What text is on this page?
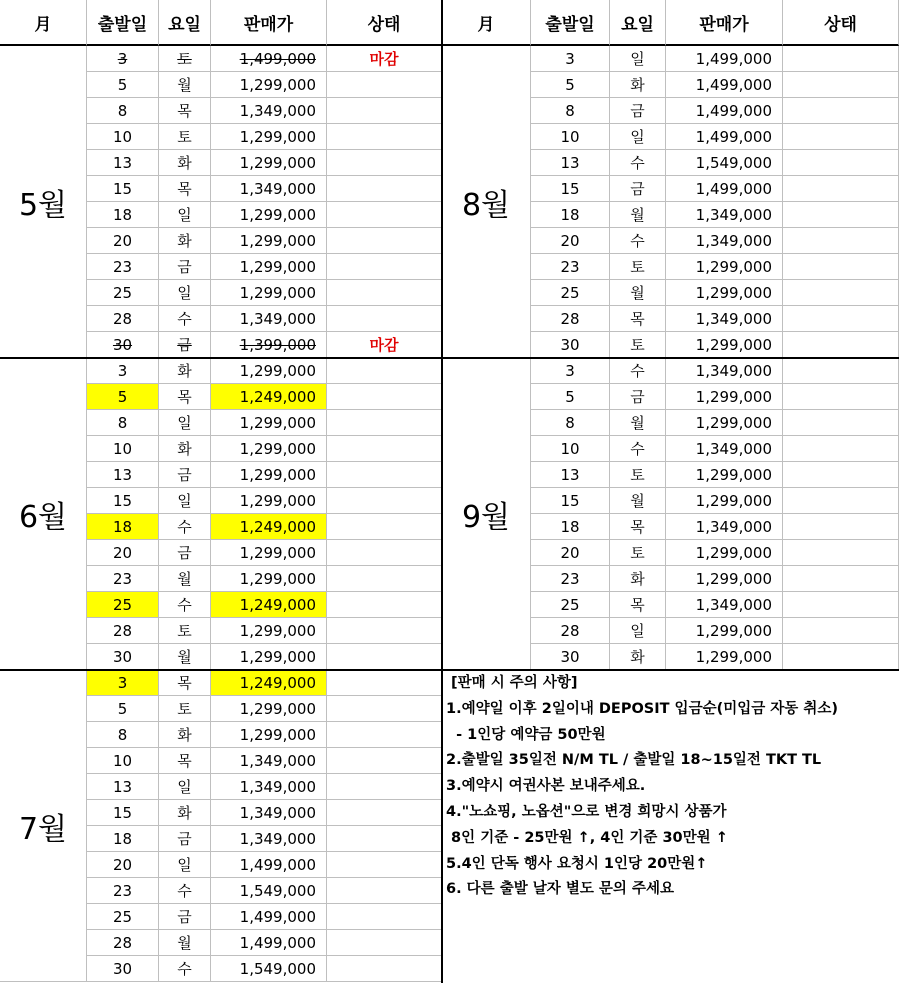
[판매 시 주의 사항]
1.예약일 이후 2일이내 DEPOSIT 입금순(미입금 자동 취소)
- 1인당 예약금 50만원
2.출발일 35일전 N/M TL / 출발일 18~15일전 TKT TL
3.예약시 여권사본 보내주세요.
4."노쇼핑, 노옵션"으로 변경 희망시 상품가
8인 기준 - 25만원 ↑, 4인 기준 30만원 ↑
5.4인 단독 행사 요청시 1인당 20만원↑
6. 다른 출발 날자 별도 문의 주세요
月	출발일	요일	판매가	상태	月	출발일	요일	판매가	상태
5월
3	토	1,499,000	마감
5	월	1,299,000
8	목	1,349,000
10	토	1,299,000
13	화	1,299,000
15	목	1,349,000
18	일	1,299,000
20	화	1,299,000
23	금	1,299,000
25	일	1,299,000
28	수	1,349,000
30	금	1,399,000	마감
6월
3	화	1,299,000
5	목	1,249,000
8	일	1,299,000
10	화	1,299,000
13	금	1,299,000
15	일	1,299,000
18	수	1,249,000
20	금	1,299,000
23	월	1,299,000
25	수	1,249,000
28	토	1,299,000
30	월	1,299,000
7월
3	목	1,249,000
5	토	1,299,000
8	화	1,299,000
10	목	1,349,000
13	일	1,349,000
15	화	1,349,000
18	금	1,349,000
20	일	1,499,000
23	수	1,549,000
25	금	1,499,000
28	월	1,499,000
30	수	1,549,000
8월
3	일	1,499,000
5	화	1,499,000
8	금	1,499,000
10	일	1,499,000
13	수	1,549,000
15	금	1,499,000
18	월	1,349,000
20	수	1,349,000
23	토	1,299,000
25	월	1,299,000
28	목	1,349,000
30	토	1,299,000
9월
3	수	1,349,000
5	금	1,299,000
8	월	1,299,000
10	수	1,349,000
13	토	1,299,000
15	월	1,299,000
18	목	1,349,000
20	토	1,299,000
23	화	1,299,000
25	목	1,349,000
28	일	1,299,000
30	화	1,299,000
